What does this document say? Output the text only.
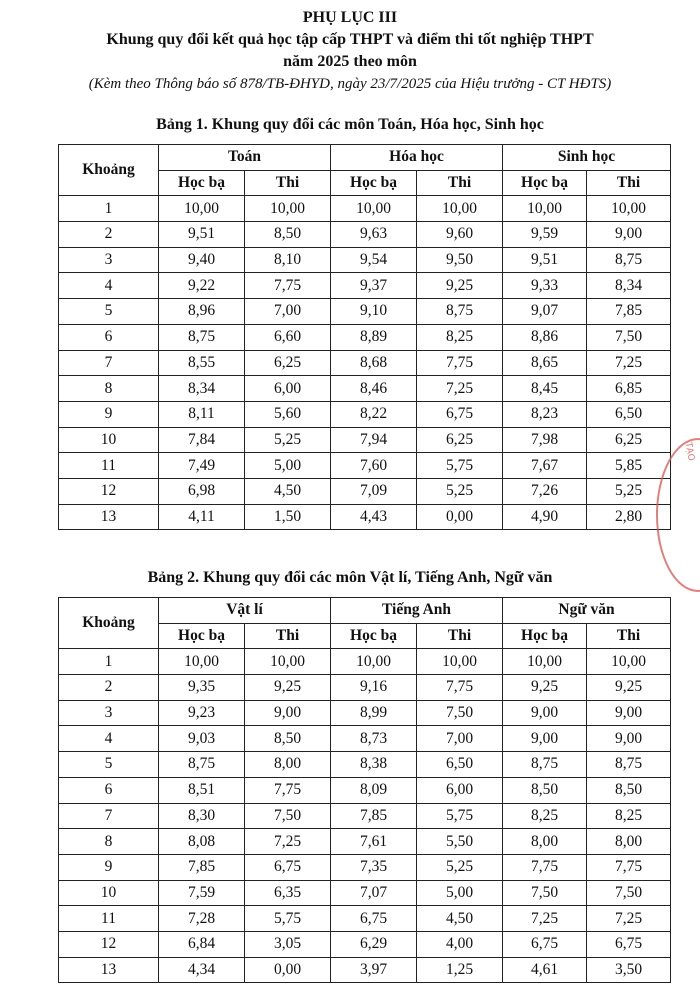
PHỤ LỤC III
Khung quy đổi kết quả học tập cấp THPT và điểm thi tốt nghiệp THPT
năm 2025 theo môn
(Kèm theo Thông báo số 878/TB-ĐHYD, ngày 23/7/2025 của Hiệu trưởng - CT HĐTS)
Bảng 1. Khung quy đổi các môn Toán, Hóa học, Sinh học
Khoảng	Toán		Hóa học		Sinh học	
	Học bạ	Thi	Học bạ	Thi	Học bạ	Thi
1	10,00	10,00	10,00	10,00	10,00	10,00
2	9,51	8,50	9,63	9,60	9,59	9,00
3	9,40	8,10	9,54	9,50	9,51	8,75
4	9,22	7,75	9,37	9,25	9,33	8,34
5	8,96	7,00	9,10	8,75	9,07	7,85
6	8,75	6,60	8,89	8,25	8,86	7,50
7	8,55	6,25	8,68	7,75	8,65	7,25
8	8,34	6,00	8,46	7,25	8,45	6,85
9	8,11	5,60	8,22	6,75	8,23	6,50
10	7,84	5,25	7,94	6,25	7,98	6,25
11	7,49	5,00	7,60	5,75	7,67	5,85
12	6,98	4,50	7,09	5,25	7,26	5,25
13	4,11	1,50	4,43	0,00	4,90	2,80
Bảng 2. Khung quy đổi các môn Vật lí, Tiếng Anh, Ngữ văn
Khoảng	Vật lí		Tiếng Anh		Ngữ văn	
	Học bạ	Thi	Học bạ	Thi	Học bạ	Thi
1	10,00	10,00	10,00	10,00	10,00	10,00
2	9,35	9,25	9,16	7,75	9,25	9,25
3	9,23	9,00	8,99	7,50	9,00	9,00
4	9,03	8,50	8,73	7,00	9,00	9,00
5	8,75	8,00	8,38	6,50	8,75	8,75
6	8,51	7,75	8,09	6,00	8,50	8,50
7	8,30	7,50	7,85	5,75	8,25	8,25
8	8,08	7,25	7,61	5,50	8,00	8,00
9	7,85	6,75	7,35	5,25	7,75	7,75
10	7,59	6,35	7,07	5,00	7,50	7,50
11	7,28	5,75	6,75	4,50	7,25	7,25
12	6,84	3,05	6,29	4,00	6,75	6,75
13	4,34	0,00	3,97	1,25	4,61	3,50
TẠO
